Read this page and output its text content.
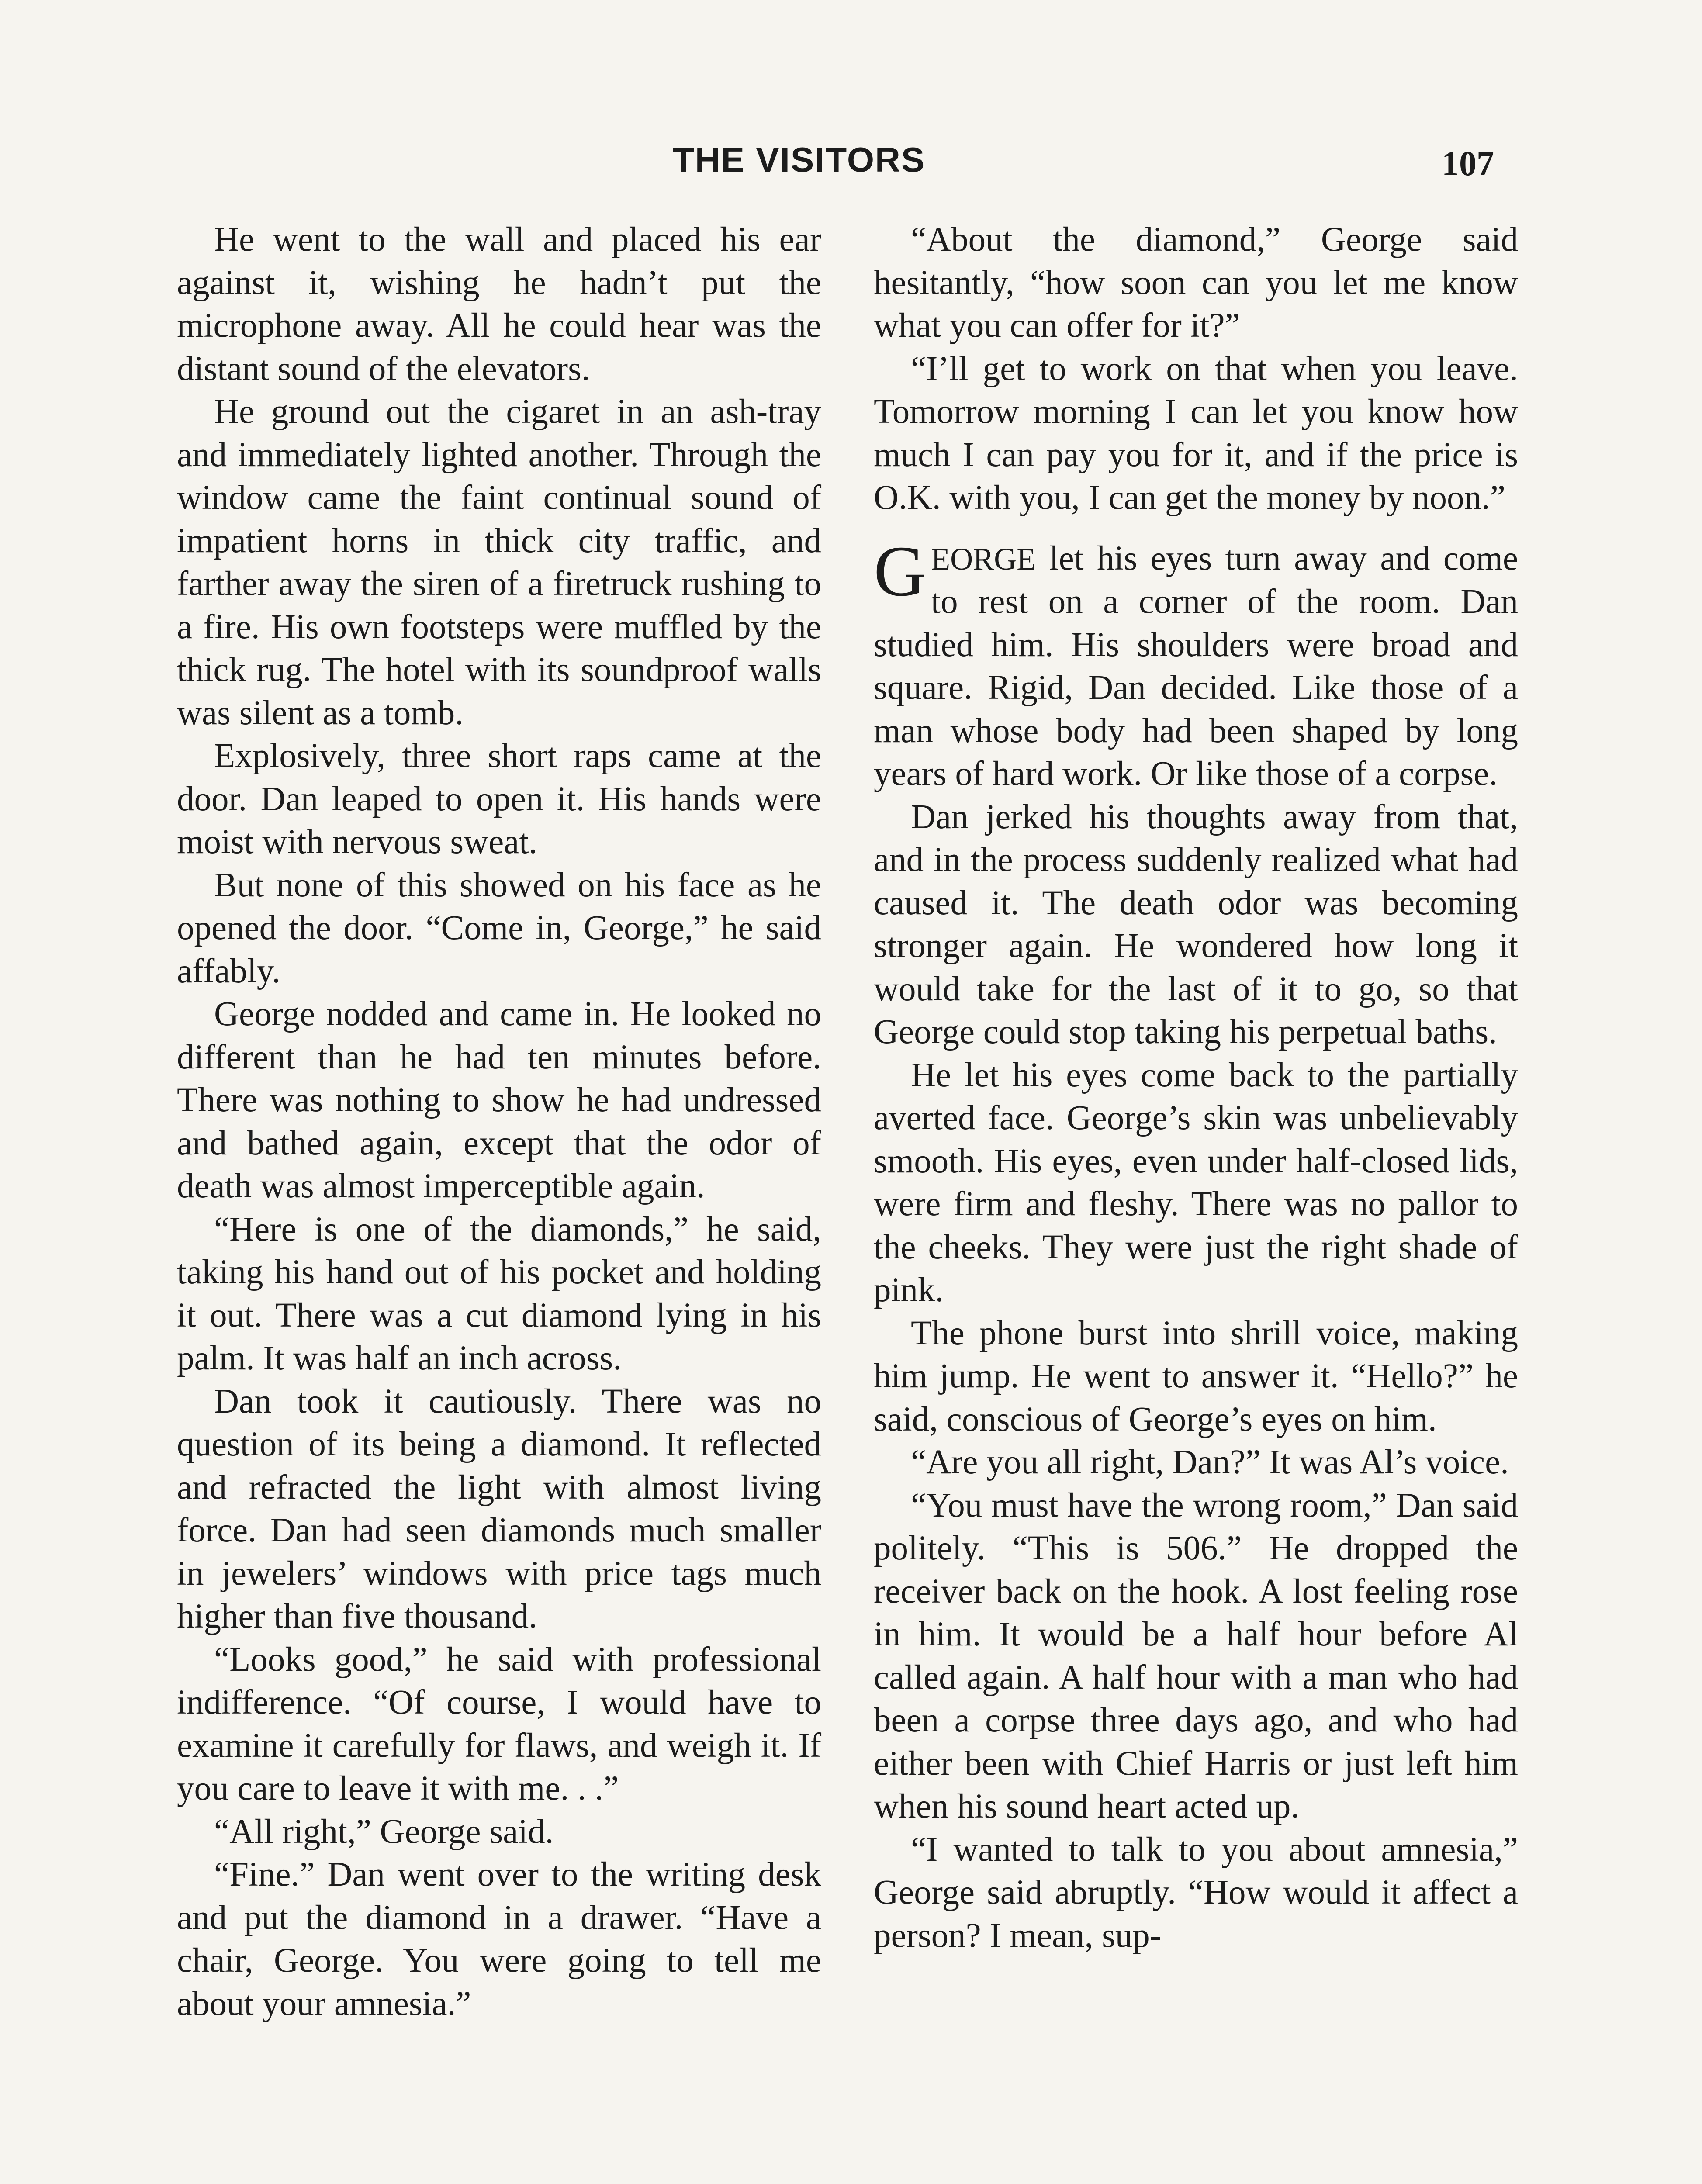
THE VISITORS	107

He went to the wall and placed his ear against it, wishing he hadn’t put the microphone away. All he could hear was the distant sound of the elevators.

He ground out the cigaret in an ash-tray and immediately lighted another. Through the window came the faint continual sound of impatient horns in thick city traffic, and farther away the siren of a firetruck rushing to a fire. His own footsteps were muffled by the thick rug. The hotel with its soundproof walls was silent as a tomb.

Explosively, three short raps came at the door. Dan leaped to open it. His hands were moist with nervous sweat.

But none of this showed on his face as he opened the door. “Come in, George,” he said affably.

George nodded and came in. He looked no different than he had ten minutes before. There was nothing to show he had undressed and bathed again, except that the odor of death was almost imperceptible again.

“Here is one of the diamonds,” he said, taking his hand out of his pocket and holding it out. There was a cut diamond lying in his palm. It was half an inch across.

Dan took it cautiously. There was no question of its being a diamond. It reflected and refracted the light with almost living force. Dan had seen diamonds much smaller in jewelers’ windows with price tags much higher than five thousand.

“Looks good,” he said with professional indifference. “Of course, I would have to examine it carefully for flaws, and weigh it. If you care to leave it with me. . .”

“All right,” George said.

“Fine.” Dan went over to the writing desk and put the diamond in a drawer. “Have a chair, George. You were going to tell me about your amnesia.”

“About the diamond,” George said hesitantly, “how soon can you let me know what you can offer for it?”

“I’ll get to work on that when you leave. Tomorrow morning I can let you know how much I can pay you for it, and if the price is O.K. with you, I can get the money by noon.”

GEORGE let his eyes turn away and come to rest on a corner of the room. Dan studied him. His shoulders were broad and square. Rigid, Dan decided. Like those of a man whose body had been shaped by long years of hard work. Or like those of a corpse.

Dan jerked his thoughts away from that, and in the process suddenly realized what had caused it. The death odor was becoming stronger again. He wondered how long it would take for the last of it to go, so that George could stop taking his perpetual baths.

He let his eyes come back to the partially averted face. George’s skin was unbelievably smooth. His eyes, even under half-closed lids, were firm and fleshy. There was no pallor to the cheeks. They were just the right shade of pink.

The phone burst into shrill voice, making him jump. He went to answer it. “Hello?” he said, conscious of George’s eyes on him.

“Are you all right, Dan?” It was Al’s voice.

“You must have the wrong room,” Dan said politely. “This is 506.” He dropped the receiver back on the hook. A lost feeling rose in him. It would be a half hour before Al called again. A half hour with a man who had been a corpse three days ago, and who had either been with Chief Harris or just left him when his sound heart acted up.

“I wanted to talk to you about amnesia,” George said abruptly. “How would it affect a person? I mean, sup-
